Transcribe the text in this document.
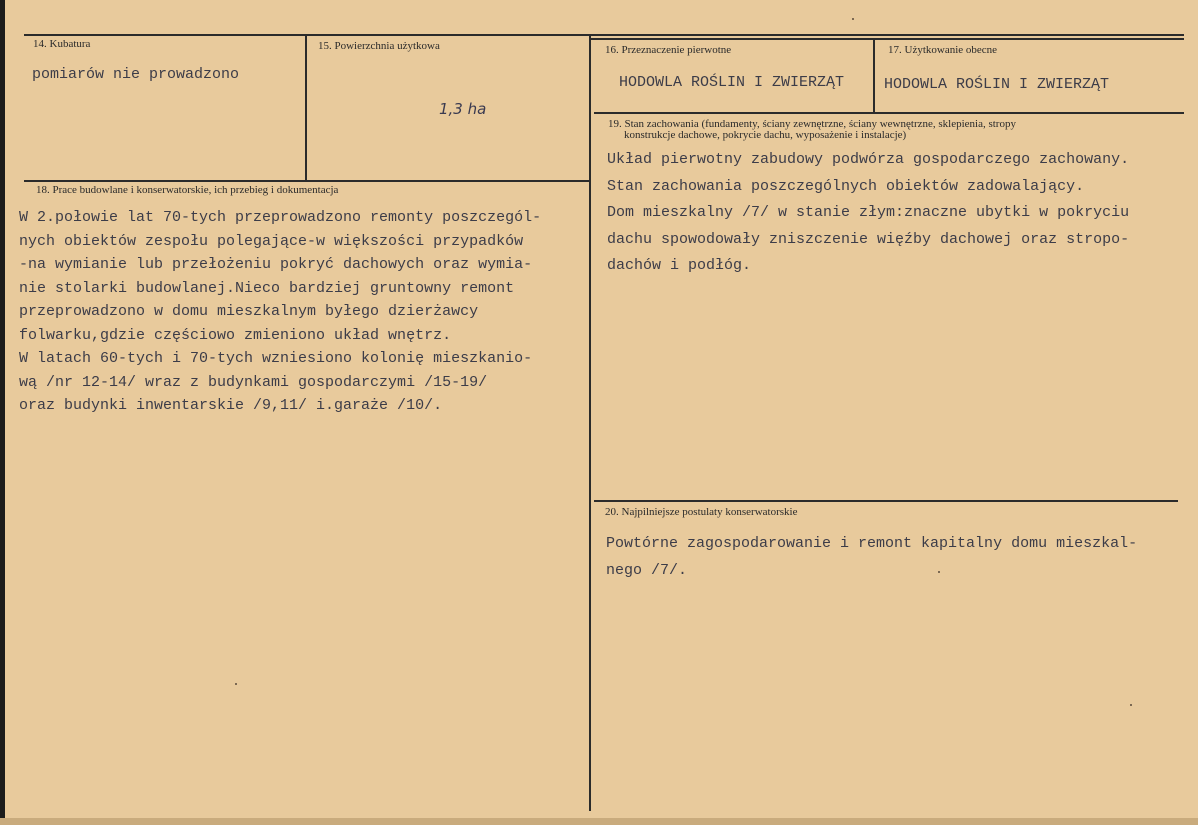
14. Kubatura
pomiarów nie prowadzono
15. Powierzchnia użytkowa
1,3 ha
16. Przeznaczenie pierwotne
HODOWLA ROŚLIN I ZWIERZĄT
17. Użytkowanie obecne
HODOWLA ROŚLIN I ZWIERZĄT
18. Prace budowlane i konserwatorskie, ich przebieg i dokumentacja
W 2.połowie lat 70-tych przeprowadzono remonty poszczegól-
nych obiektów zespołu polegające-w większości przypadków
-na wymianie lub przełożeniu pokryć dachowych oraz wymia-
nie stolarki budowlanej.Nieco bardziej gruntowny remont
przeprowadzono w domu mieszkalnym byłego dzierżawcy
folwarku,gdzie częściowo zmieniono układ wnętrz.
W latach 60-tych i 70-tych wzniesiono kolonię mieszkanio-
wą /nr 12-14/ wraz z budynkami gospodarczymi /15-19/
oraz budynki inwentarskie /9,11/ i.garaże /10/.
19. Stan zachowania (fundamenty, ściany zewnętrzne, ściany wewnętrzne, sklepienia, stropy
konstrukcje dachowe, pokrycie dachu, wyposażenie i instalacje)
Układ pierwotny zabudowy podwórza gospodarczego zachowany.
Stan zachowania poszczególnych obiektów zadowalający.
Dom mieszkalny /7/ w stanie złym:znaczne ubytki w pokryciu
dachu spowodowały zniszczenie więźby dachowej oraz stropo-
dachów i podłóg.
20. Najpilniejsze postulaty konserwatorskie
Powtórne zagospodarowanie i remont kapitalny domu mieszkal-
nego /7/.
